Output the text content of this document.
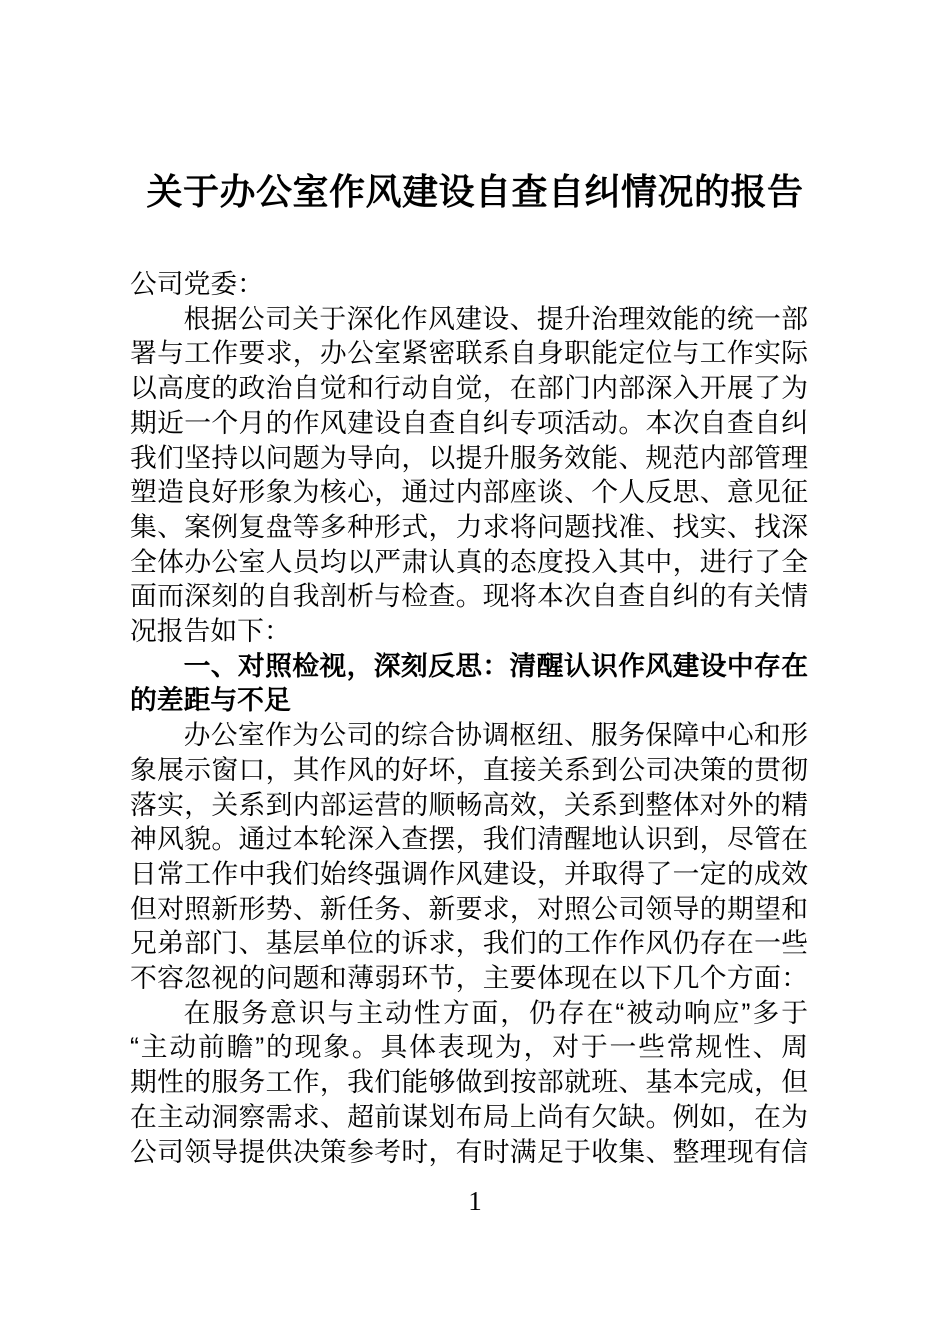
关于办公室作风建设自查自纠情况的报告
公司党委：
根据公司关于深化作风建设、提升治理效能的统一部
署与工作要求，办公室紧密联系自身职能定位与工作实际
以高度的政治自觉和行动自觉，在部门内部深入开展了为
期近一个月的作风建设自查自纠专项活动。本次自查自纠
我们坚持以问题为导向，以提升服务效能、规范内部管理
塑造良好形象为核心，通过内部座谈、个人反思、意见征
集、案例复盘等多种形式，力求将问题找准、找实、找深
全体办公室人员均以严肃认真的态度投入其中，进行了全
面而深刻的自我剖析与检查。现将本次自查自纠的有关情
况报告如下：
一、对照检视，深刻反思：清醒认识作风建设中存在
的差距与不足
办公室作为公司的综合协调枢纽、服务保障中心和形
象展示窗口，其作风的好坏，直接关系到公司决策的贯彻
落实，关系到内部运营的顺畅高效，关系到整体对外的精
神风貌。通过本轮深入查摆，我们清醒地认识到，尽管在
日常工作中我们始终强调作风建设，并取得了一定的成效
但对照新形势、新任务、新要求，对照公司领导的期望和
兄弟部门、基层单位的诉求，我们的工作作风仍存在一些
不容忽视的问题和薄弱环节，主要体现在以下几个方面：
在服务意识与主动性方面，仍存在“被动响应”多于
“主动前瞻”的现象。具体表现为，对于一些常规性、周
期性的服务工作，我们能够做到按部就班、基本完成，但
在主动洞察需求、超前谋划布局上尚有欠缺。例如，在为
公司领导提供决策参考时，有时满足于收集、整理现有信
1
